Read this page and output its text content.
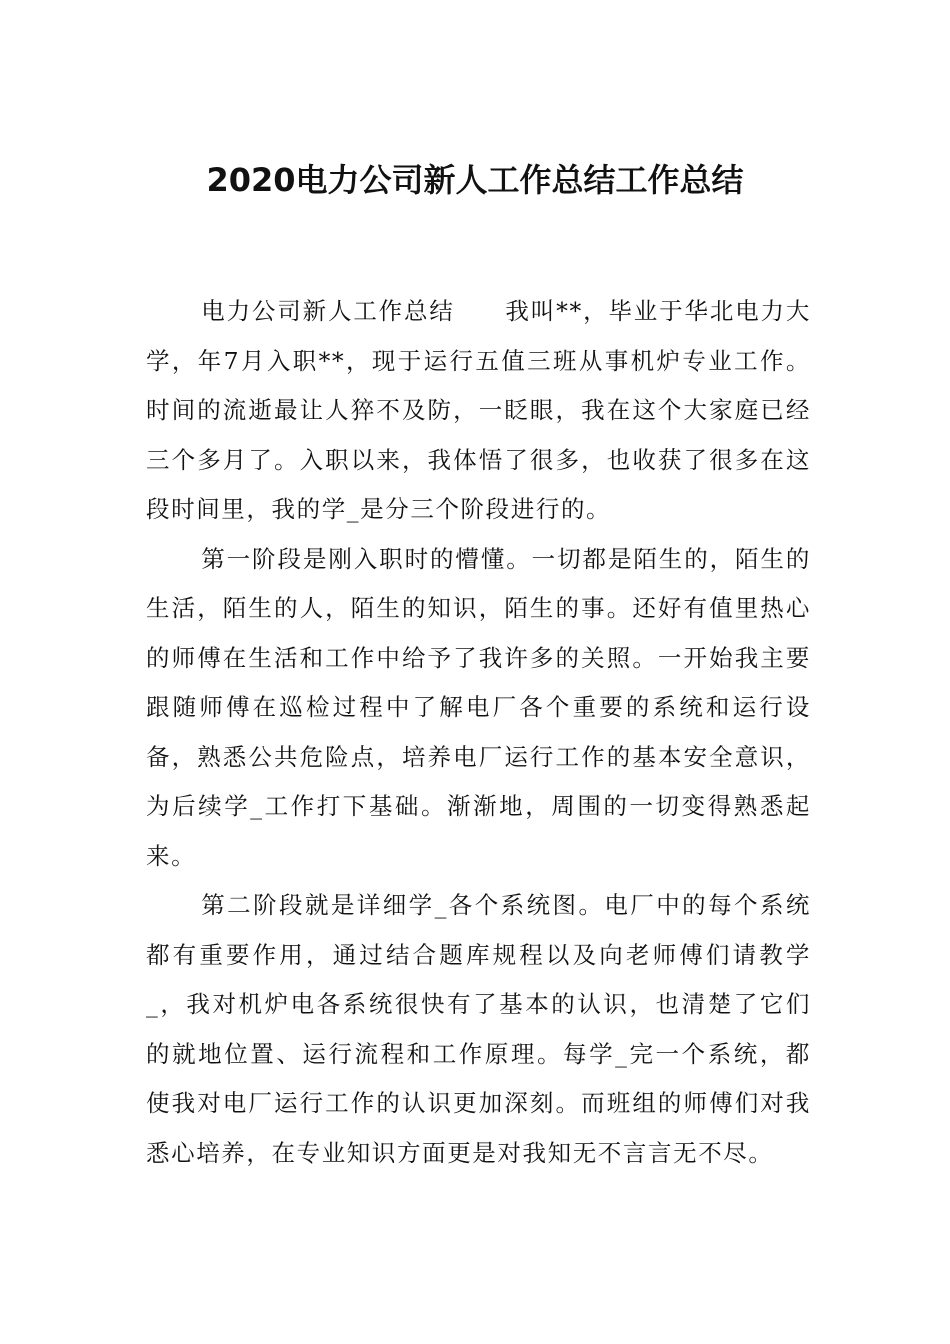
2020电力公司新人工作总结工作总结

电力公司新人工作总结　　我叫**，毕业于华北电力大学，年7月入职**，现于运行五值三班从事机炉专业工作。时间的流逝最让人猝不及防，一眨眼，我在这个大家庭已经三个多月了。入职以来，我体悟了很多，也收获了很多在这段时间里，我的学_是分三个阶段进行的。

第一阶段是刚入职时的懵懂。一切都是陌生的，陌生的生活，陌生的人，陌生的知识，陌生的事。还好有值里热心的师傅在生活和工作中给予了我许多的关照。一开始我主要跟随师傅在巡检过程中了解电厂各个重要的系统和运行设备，熟悉公共危险点，培养电厂运行工作的基本安全意识，为后续学_工作打下基础。渐渐地，周围的一切变得熟悉起来。

第二阶段就是详细学_各个系统图。电厂中的每个系统都有重要作用，通过结合题库规程以及向老师傅们请教学_，我对机炉电各系统很快有了基本的认识，也清楚了它们的就地位置、运行流程和工作原理。每学_完一个系统，都使我对电厂运行工作的认识更加深刻。而班组的师傅们对我悉心培养，在专业知识方面更是对我知无不言言无不尽。
